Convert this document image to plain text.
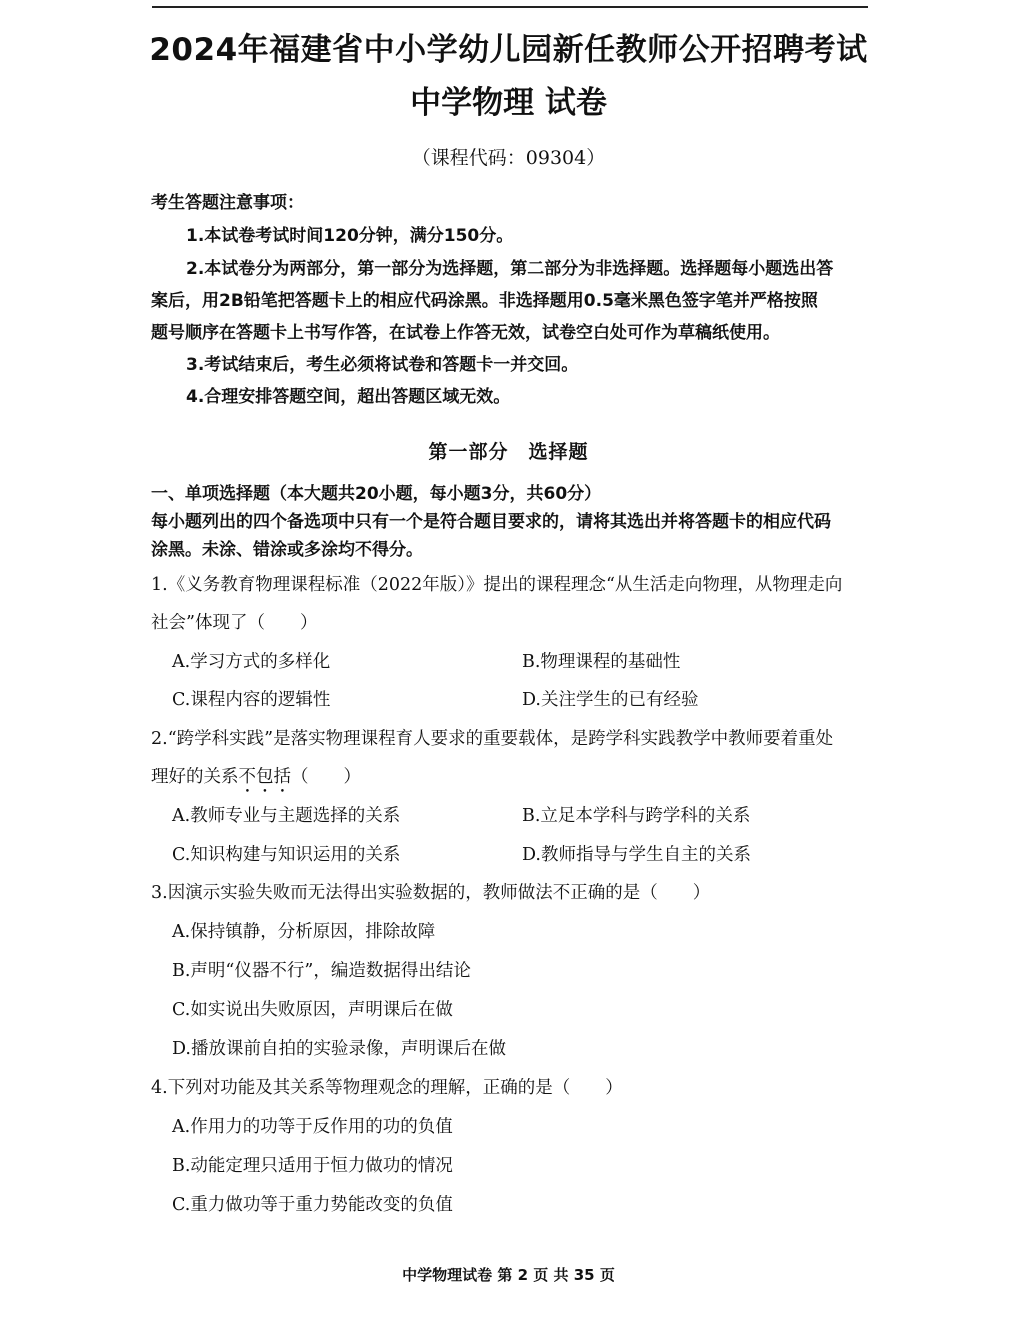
2024年福建省中小学幼儿园新任教师公开招聘考试
中学物理 试卷
（课程代码：09304）
考生答题注意事项：
1.本试卷考试时间120分钟，满分150分。
2.本试卷分为两部分，第一部分为选择题，第二部分为非选择题。选择题每小题选出答
案后，用2B铅笔把答题卡上的相应代码涂黑。非选择题用0.5毫米黑色签字笔并严格按照
题号顺序在答题卡上书写作答，在试卷上作答无效，试卷空白处可作为草稿纸使用。
3.考试结束后，考生必须将试卷和答题卡一并交回。
4.合理安排答题空间，超出答题区域无效。
第一部分　选择题
一、单项选择题（本大题共20小题，每小题3分，共60分）
每小题列出的四个备选项中只有一个是符合题目要求的，请将其选出并将答题卡的相应代码
涂黑。未涂、错涂或多涂均不得分。
1.《义务教育物理课程标准（2022年版）》提出的课程理念“从生活走向物理，从物理走向
社会”体现了（　　）
A.学习方式的多样化	B.物理课程的基础性
C.课程内容的逻辑性	D.关注学生的已有经验
2.“跨学科实践”是落实物理课程育人要求的重要载体，是跨学科实践教学中教师要着重处
理好的关系不包括（　　）
A.教师专业与主题选择的关系	B.立足本学科与跨学科的关系
C.知识构建与知识运用的关系	D.教师指导与学生自主的关系
3.因演示实验失败而无法得出实验数据的，教师做法不正确的是（　　）
A.保持镇静，分析原因，排除故障
B.声明“仪器不行”，编造数据得出结论
C.如实说出失败原因，声明课后在做
D.播放课前自拍的实验录像，声明课后在做
4.下列对功能及其关系等物理观念的理解，正确的是（　　）
A.作用力的功等于反作用的功的负值
B.动能定理只适用于恒力做功的情况
C.重力做功等于重力势能改变的负值
中学物理试卷 第 2 页 共 35 页
